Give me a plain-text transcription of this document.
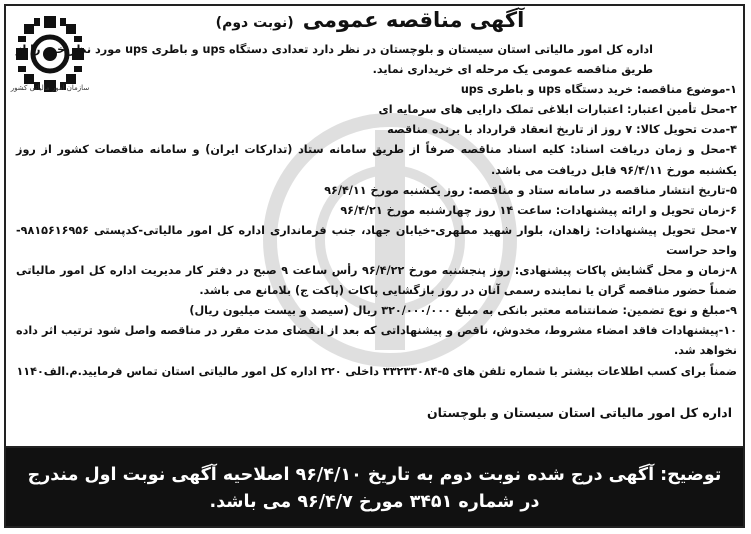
سازمان امور مالیاتی کشور
آگهی مناقصه عمومی (نوبت دوم)

اداره کل امور مالیاتی استان سیستان و بلوچستان در نظر دارد تعدادی دستگاه ups و باطری ups مورد نظر خود را از طریق مناقصه عمومی یک مرحله ای خریداری نماید.

۱-موضوع مناقصه: خرید دستگاه ups و باطری ups

۲-محل تأمین اعتبار: اعتبارات ابلاغی تملک دارایی های سرمایه ای

۳-مدت تحویل کالا: ۷ روز از تاریخ انعقاد قرارداد با برنده مناقصه

۴-محل و زمان دریافت اسناد: کلیه اسناد مناقصه صرفاً از طریق سامانه ستاد (تدارکات ایران) و سامانه مناقصات کشور از روز یکشنبه مورخ ۹۶/۴/۱۱ قابل دریافت می باشد.

۵-تاریخ انتشار مناقصه در سامانه ستاد و مناقصه: روز یکشنبه مورخ ۹۶/۴/۱۱

۶-زمان تحویل و ارائه پیشنهادات: ساعت ۱۴ روز چهارشنبه مورخ ۹۶/۴/۲۱

۷-محل تحویل پیشنهادات: زاهدان، بلوار شهید مطهری-خیابان جهاد، جنب فرمانداری اداره کل امور مالیاتی-کدپستی ۹۸۱۵۶۱۶۹۵۶-واحد حراست

۸-زمان و محل گشایش پاکات پیشنهادی: روز پنجشنبه مورخ ۹۶/۴/۲۲ رأس ساعت ۹ صبح در دفتر کار مدیریت اداره کل امور مالیاتی ضمناً حضور مناقصه گران یا نماینده رسمی آنان در روز بازگشایی پاکات (پاکت ج) بلامانع می باشد.

۹-مبلغ و نوع تضمین: ضمانتنامه معتبر بانکی به مبلغ ۳۲۰/۰۰۰/۰۰۰ ریال (سیصد و بیست میلیون ریال)

۱۰-پیشنهادات فاقد امضاء مشروط، مخدوش، ناقص و پیشنهاداتی که بعد از انقضای مدت مقرر در مناقصه واصل شود ترتیب اثر داده نخواهد شد.

ضمناً برای کسب اطلاعات بیشتر با شماره تلفن های ۵-۳۳۲۳۳۰۸۴ داخلی ۲۲۰ اداره کل امور مالیاتی استان تماس فرمایید.م.الف۱۱۴۰

اداره کل امور مالیاتی استان سیستان و بلوچستان
توضیح: آگهی درج شده نوبت دوم به تاریخ ۹۶/۴/۱۰ اصلاحیه آگهی نوبت اول مندرج در شماره ۳۴۵۱ مورخ ۹۶/۴/۷ می باشد.
